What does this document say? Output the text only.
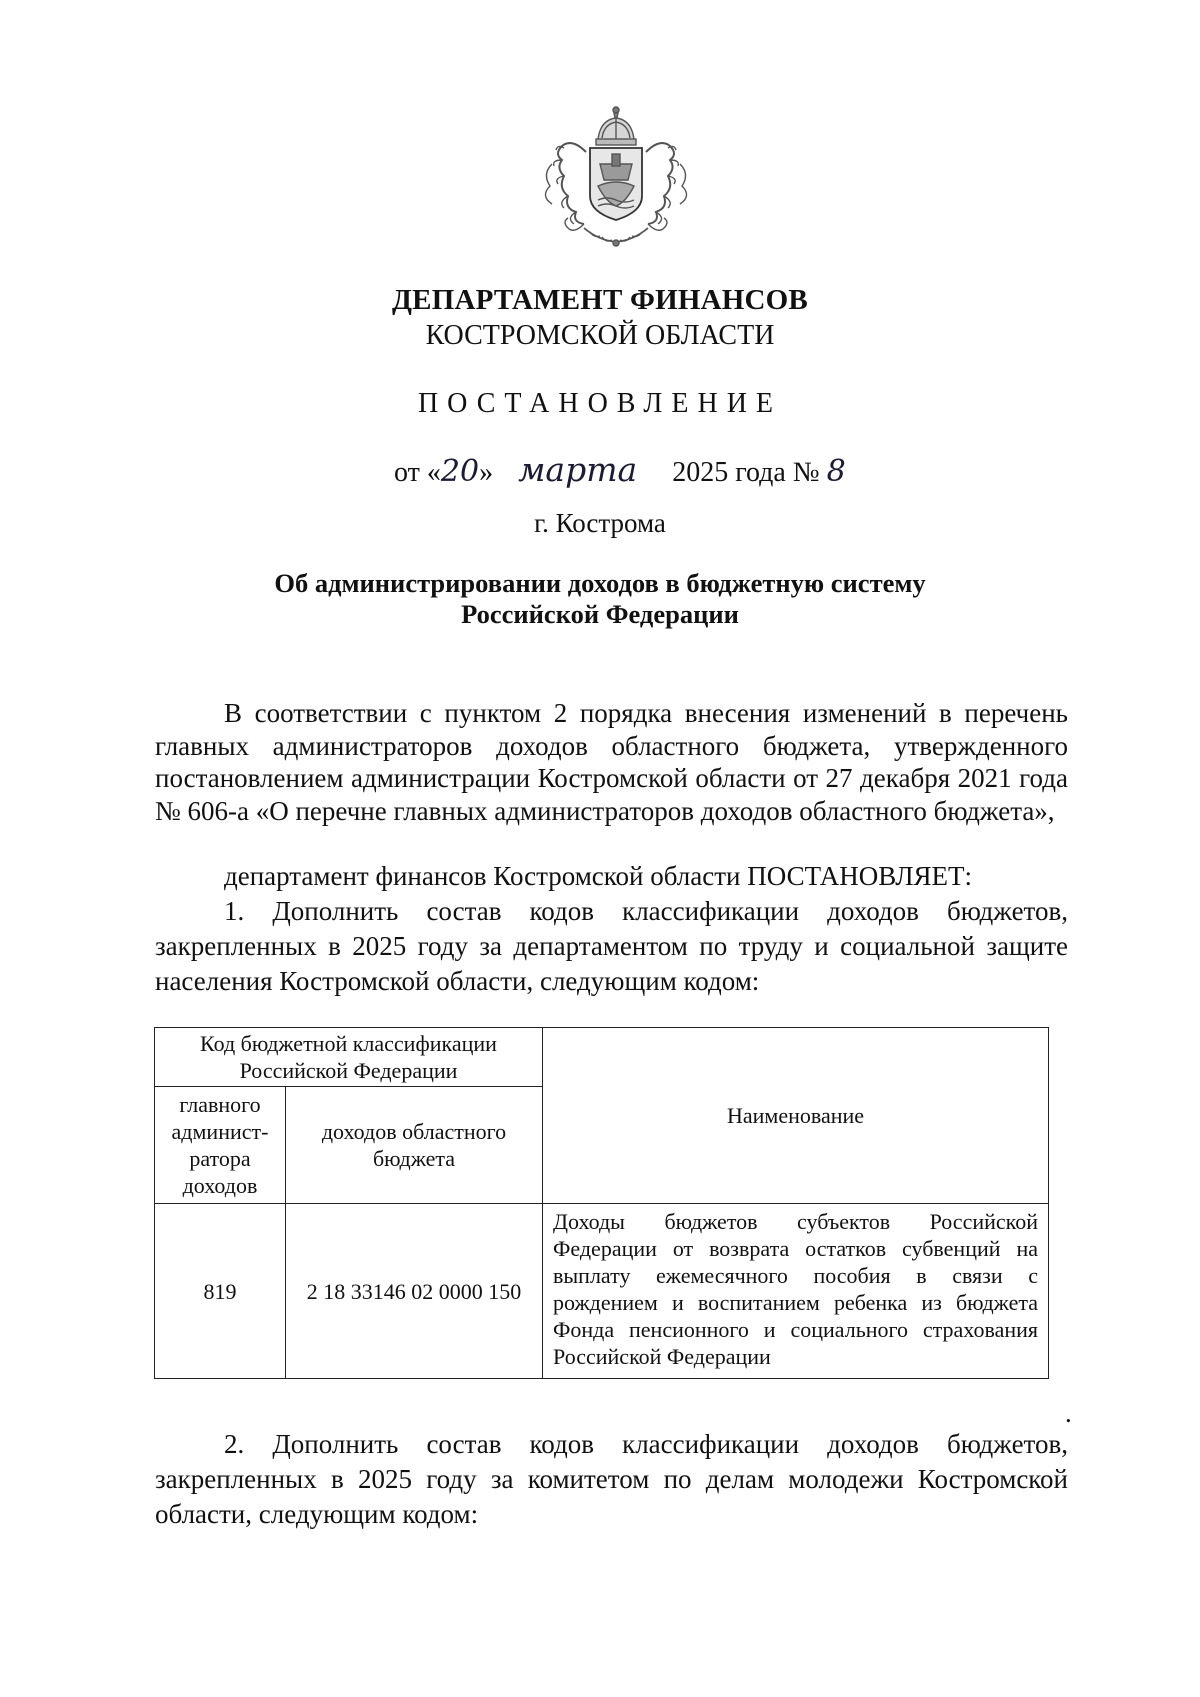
ДЕПАРТАМЕНТ ФИНАНСОВ
КОСТРОМСКОЙ ОБЛАСТИ
ПОСТАНОВЛЕНИЕ
от «20» марта 2025 года № 8
г. Кострома
Об администрировании доходов в бюджетную систему
Российской Федерации
В соответствии с пунктом 2 порядка внесения изменений в перечень главных администраторов доходов областного бюджета, утвержденного постановлением администрации Костромской области от 27 декабря 2021 года № 606-а «О перечне главных администраторов доходов областного бюджета»,
департамент финансов Костромской области ПОСТАНОВЛЯЕТ:
1. Дополнить состав кодов классификации доходов бюджетов, закрепленных в 2025 году за департаментом по труду и социальной защите населения Костромской области, следующим кодом:
Код бюджетной классификации Российской Федерации		Наименование
главного админист-ратора доходов	доходов областного бюджета	
819	2 18 33146 02 0000 150	Доходы бюджетов субъектов Российской Федерации от возврата остатков субвенций на выплату ежемесячного пособия в связи с рождением и воспитанием ребенка из бюджета Фонда пенсионного и социального страхования Российской Федерации
.
2. Дополнить состав кодов классификации доходов бюджетов, закрепленных в 2025 году за комитетом по делам молодежи Костромской области, следующим кодом:
